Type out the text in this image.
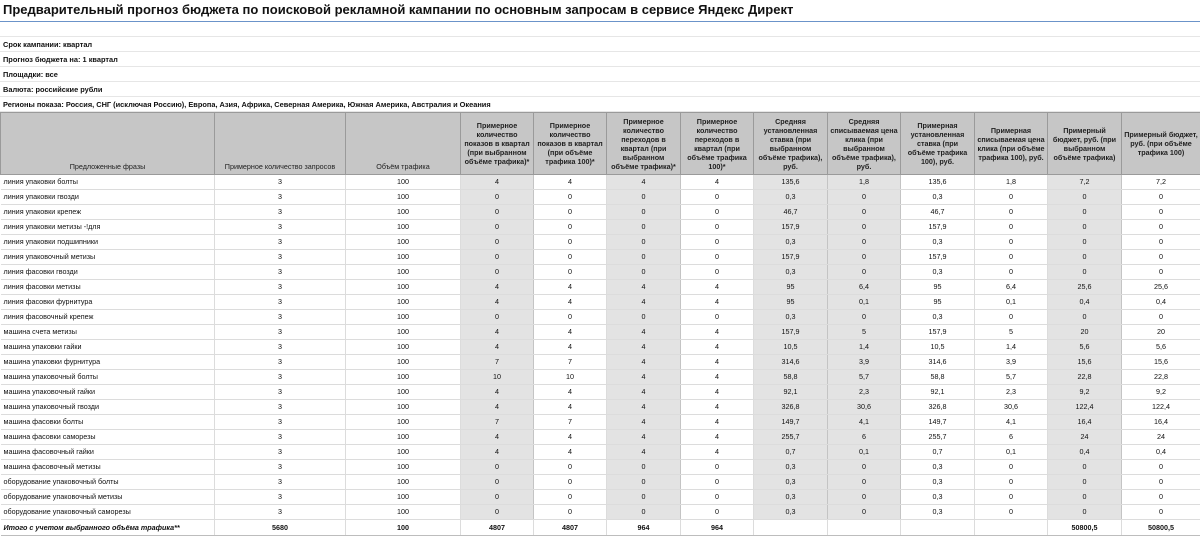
Предварительный прогноз бюджета по поисковой рекламной кампании по основным запросам в сервисе Яндекс Директ
Срок кампании: квартал
Прогноз бюджета на: 1 квартал
Площадки: все
Валюта: российские рубли
Регионы показа: Россия, СНГ (исключая Россию), Европа, Азия, Африка, Северная Америка, Южная Америка, Австралия и Океания
Предложенные фразы	Примерное количество запросов	Объём трафика	Примерное количество показов в квартал (при выбранном объёме трафика)*	Примерное количество показов в квартал (при объёме трафика 100)*	Примерное количество переходов в квартал (при выбранном объёме трафика)*	Примерное количество переходов в квартал (при объёме трафика 100)*	Средняя установленная ставка (при выбранном объёме трафика), руб.	Средняя списываемая цена клика (при выбранном объёме трафика), руб.	Примерная установленная ставка (при объёме трафика 100), руб.	Примерная списываемая цена клика (при объёме трафика 100), руб.	Примерный бюджет, руб. (при выбранном объёме трафика)	Примерный бюджет, руб. (при объёме трафика 100)
линия упаковки болты	3	100	4	4	4	4	135,6	1,8	135,6	1,8	7,2	7,2
линия упаковки гвозди	3	100	0	0	0	0	0,3	0	0,3	0	0	0
линия упаковки крепеж	3	100	0	0	0	0	46,7	0	46,7	0	0	0
линия упаковки метизы -!для	3	100	0	0	0	0	157,9	0	157,9	0	0	0
линия упаковки подшипники	3	100	0	0	0	0	0,3	0	0,3	0	0	0
линия упаковочный метизы	3	100	0	0	0	0	157,9	0	157,9	0	0	0
линия фасовки гвозди	3	100	0	0	0	0	0,3	0	0,3	0	0	0
линия фасовки метизы	3	100	4	4	4	4	95	6,4	95	6,4	25,6	25,6
линия фасовки фурнитура	3	100	4	4	4	4	95	0,1	95	0,1	0,4	0,4
линия фасовочный крепеж	3	100	0	0	0	0	0,3	0	0,3	0	0	0
машина счета метизы	3	100	4	4	4	4	157,9	5	157,9	5	20	20
машина упаковки гайки	3	100	4	4	4	4	10,5	1,4	10,5	1,4	5,6	5,6
машина упаковки фурнитура	3	100	7	7	4	4	314,6	3,9	314,6	3,9	15,6	15,6
машина упаковочный болты	3	100	10	10	4	4	58,8	5,7	58,8	5,7	22,8	22,8
машина упаковочный гайки	3	100	4	4	4	4	92,1	2,3	92,1	2,3	9,2	9,2
машина упаковочный гвозди	3	100	4	4	4	4	326,8	30,6	326,8	30,6	122,4	122,4
машина фасовки болты	3	100	7	7	4	4	149,7	4,1	149,7	4,1	16,4	16,4
машина фасовки саморезы	3	100	4	4	4	4	255,7	6	255,7	6	24	24
машина фасовочный гайки	3	100	4	4	4	4	0,7	0,1	0,7	0,1	0,4	0,4
машина фасовочный метизы	3	100	0	0	0	0	0,3	0	0,3	0	0	0
оборудование упаковочный болты	3	100	0	0	0	0	0,3	0	0,3	0	0	0
оборудование упаковочный метизы	3	100	0	0	0	0	0,3	0	0,3	0	0	0
оборудование упаковочный саморезы	3	100	0	0	0	0	0,3	0	0,3	0	0	0
Итого с учетом выбранного объёма трафика**	5680	100	4807	4807	964	964					50800,5	50800,5
